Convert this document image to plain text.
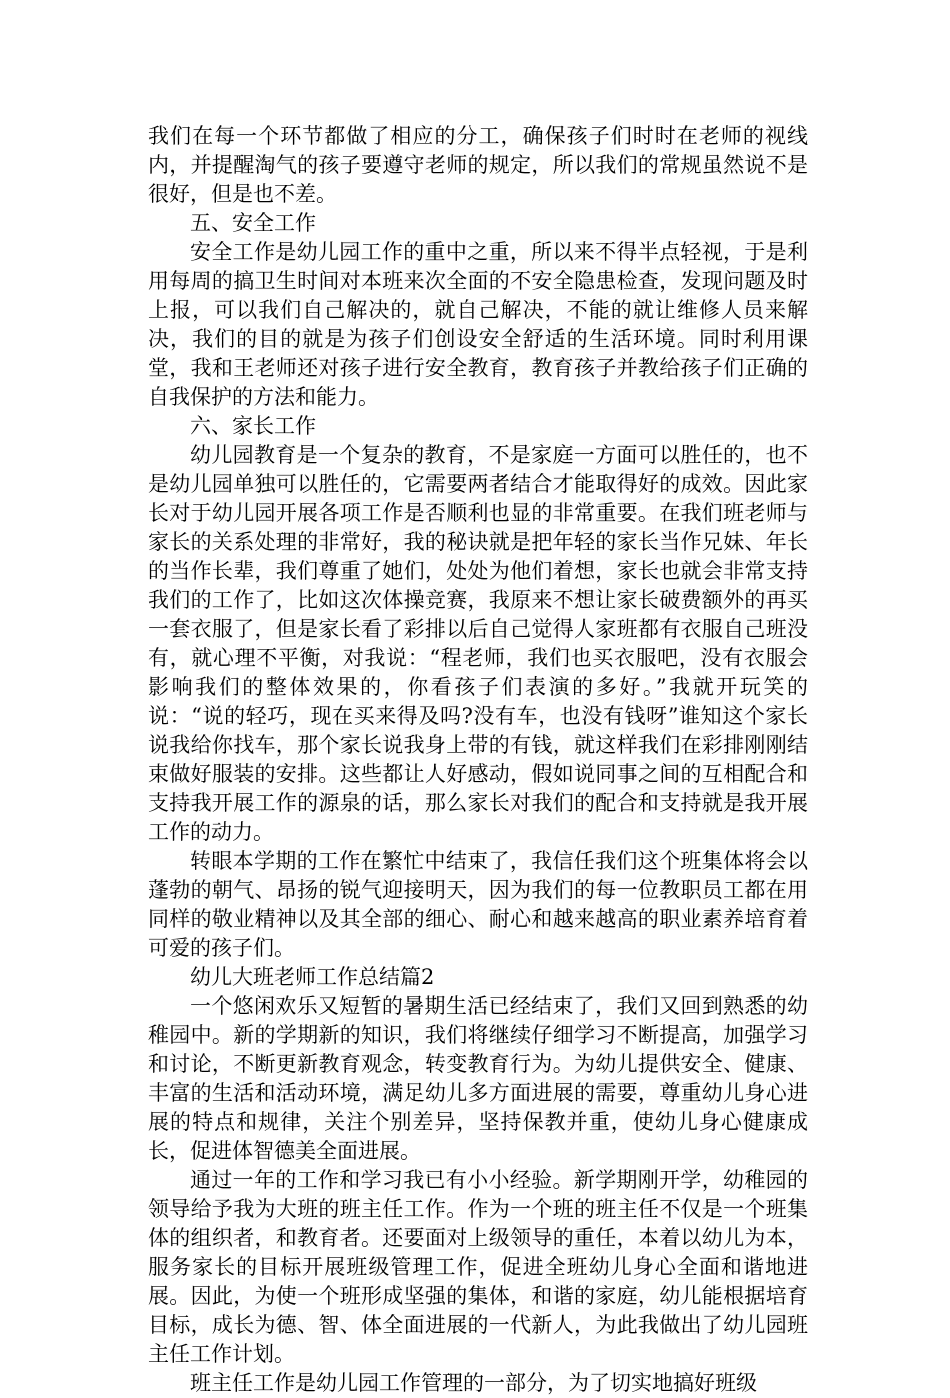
我们在每一个环节都做了相应的分工，确保孩子们时时在老师的视线内，并提醒淘气的孩子要遵守老师的规定，所以我们的常规虽然说不是很好，但是也不差。

五、安全工作

安全工作是幼儿园工作的重中之重，所以来不得半点轻视，于是利用每周的搞卫生时间对本班来次全面的不安全隐患检查，发现问题及时上报，可以我们自己解决的，就自己解决，不能的就让维修人员来解决，我们的目的就是为孩子们创设安全舒适的生活环境。同时利用课堂，我和王老师还对孩子进行安全教育，教育孩子并教给孩子们正确的自我保护的方法和能力。

六、家长工作

幼儿园教育是一个复杂的教育，不是家庭一方面可以胜任的，也不是幼儿园单独可以胜任的，它需要两者结合才能取得好的成效。因此家长对于幼儿园开展各项工作是否顺利也显的非常重要。在我们班老师与家长的关系处理的非常好，我的秘诀就是把年轻的家长当作兄妹、年长的当作长辈，我们尊重了她们，处处为他们着想，家长也就会非常支持我们的工作了，比如这次体操竞赛，我原来不想让家长破费额外的再买一套衣服了，但是家长看了彩排以后自己觉得人家班都有衣服自己班没有，就心理不平衡，对我说：“程老师，我们也买衣服吧，没有衣服会影响我们的整体效果的，你看孩子们表演的多好。”我就开玩笑的说：“说的轻巧，现在买来得及吗?没有车，也没有钱呀”谁知这个家长说我给你找车，那个家长说我身上带的有钱，就这样我们在彩排刚刚结束做好服装的安排。这些都让人好感动，假如说同事之间的互相配合和支持我开展工作的源泉的话，那么家长对我们的配合和支持就是我开展工作的动力。

转眼本学期的工作在繁忙中结束了，我信任我们这个班集体将会以蓬勃的朝气、昂扬的锐气迎接明天，因为我们的每一位教职员工都在用同样的敬业精神以及其全部的细心、耐心和越来越高的职业素养培育着可爱的孩子们。

幼儿大班老师工作总结篇2

一个悠闲欢乐又短暂的暑期生活已经结束了，我们又回到熟悉的幼稚园中。新的学期新的知识，我们将继续仔细学习不断提高，加强学习和讨论，不断更新教育观念，转变教育行为。为幼儿提供安全、健康、丰富的生活和活动环境，满足幼儿多方面进展的需要，尊重幼儿身心进展的特点和规律，关注个别差异，坚持保教并重，使幼儿身心健康成长，促进体智德美全面进展。

通过一年的工作和学习我已有小小经验。新学期刚开学，幼稚园的领导给予我为大班的班主任工作。作为一个班的班主任不仅是一个班集体的组织者，和教育者。还要面对上级领导的重任，本着以幼儿为本，服务家长的目标开展班级管理工作，促进全班幼儿身心全面和谐地进展。因此，为使一个班形成坚强的集体，和谐的家庭，幼儿能根据培育目标，成长为德、智、体全面进展的一代新人，为此我做出了幼儿园班主任工作计划。

班主任工作是幼儿园工作管理的一部分，为了切实地搞好班级
